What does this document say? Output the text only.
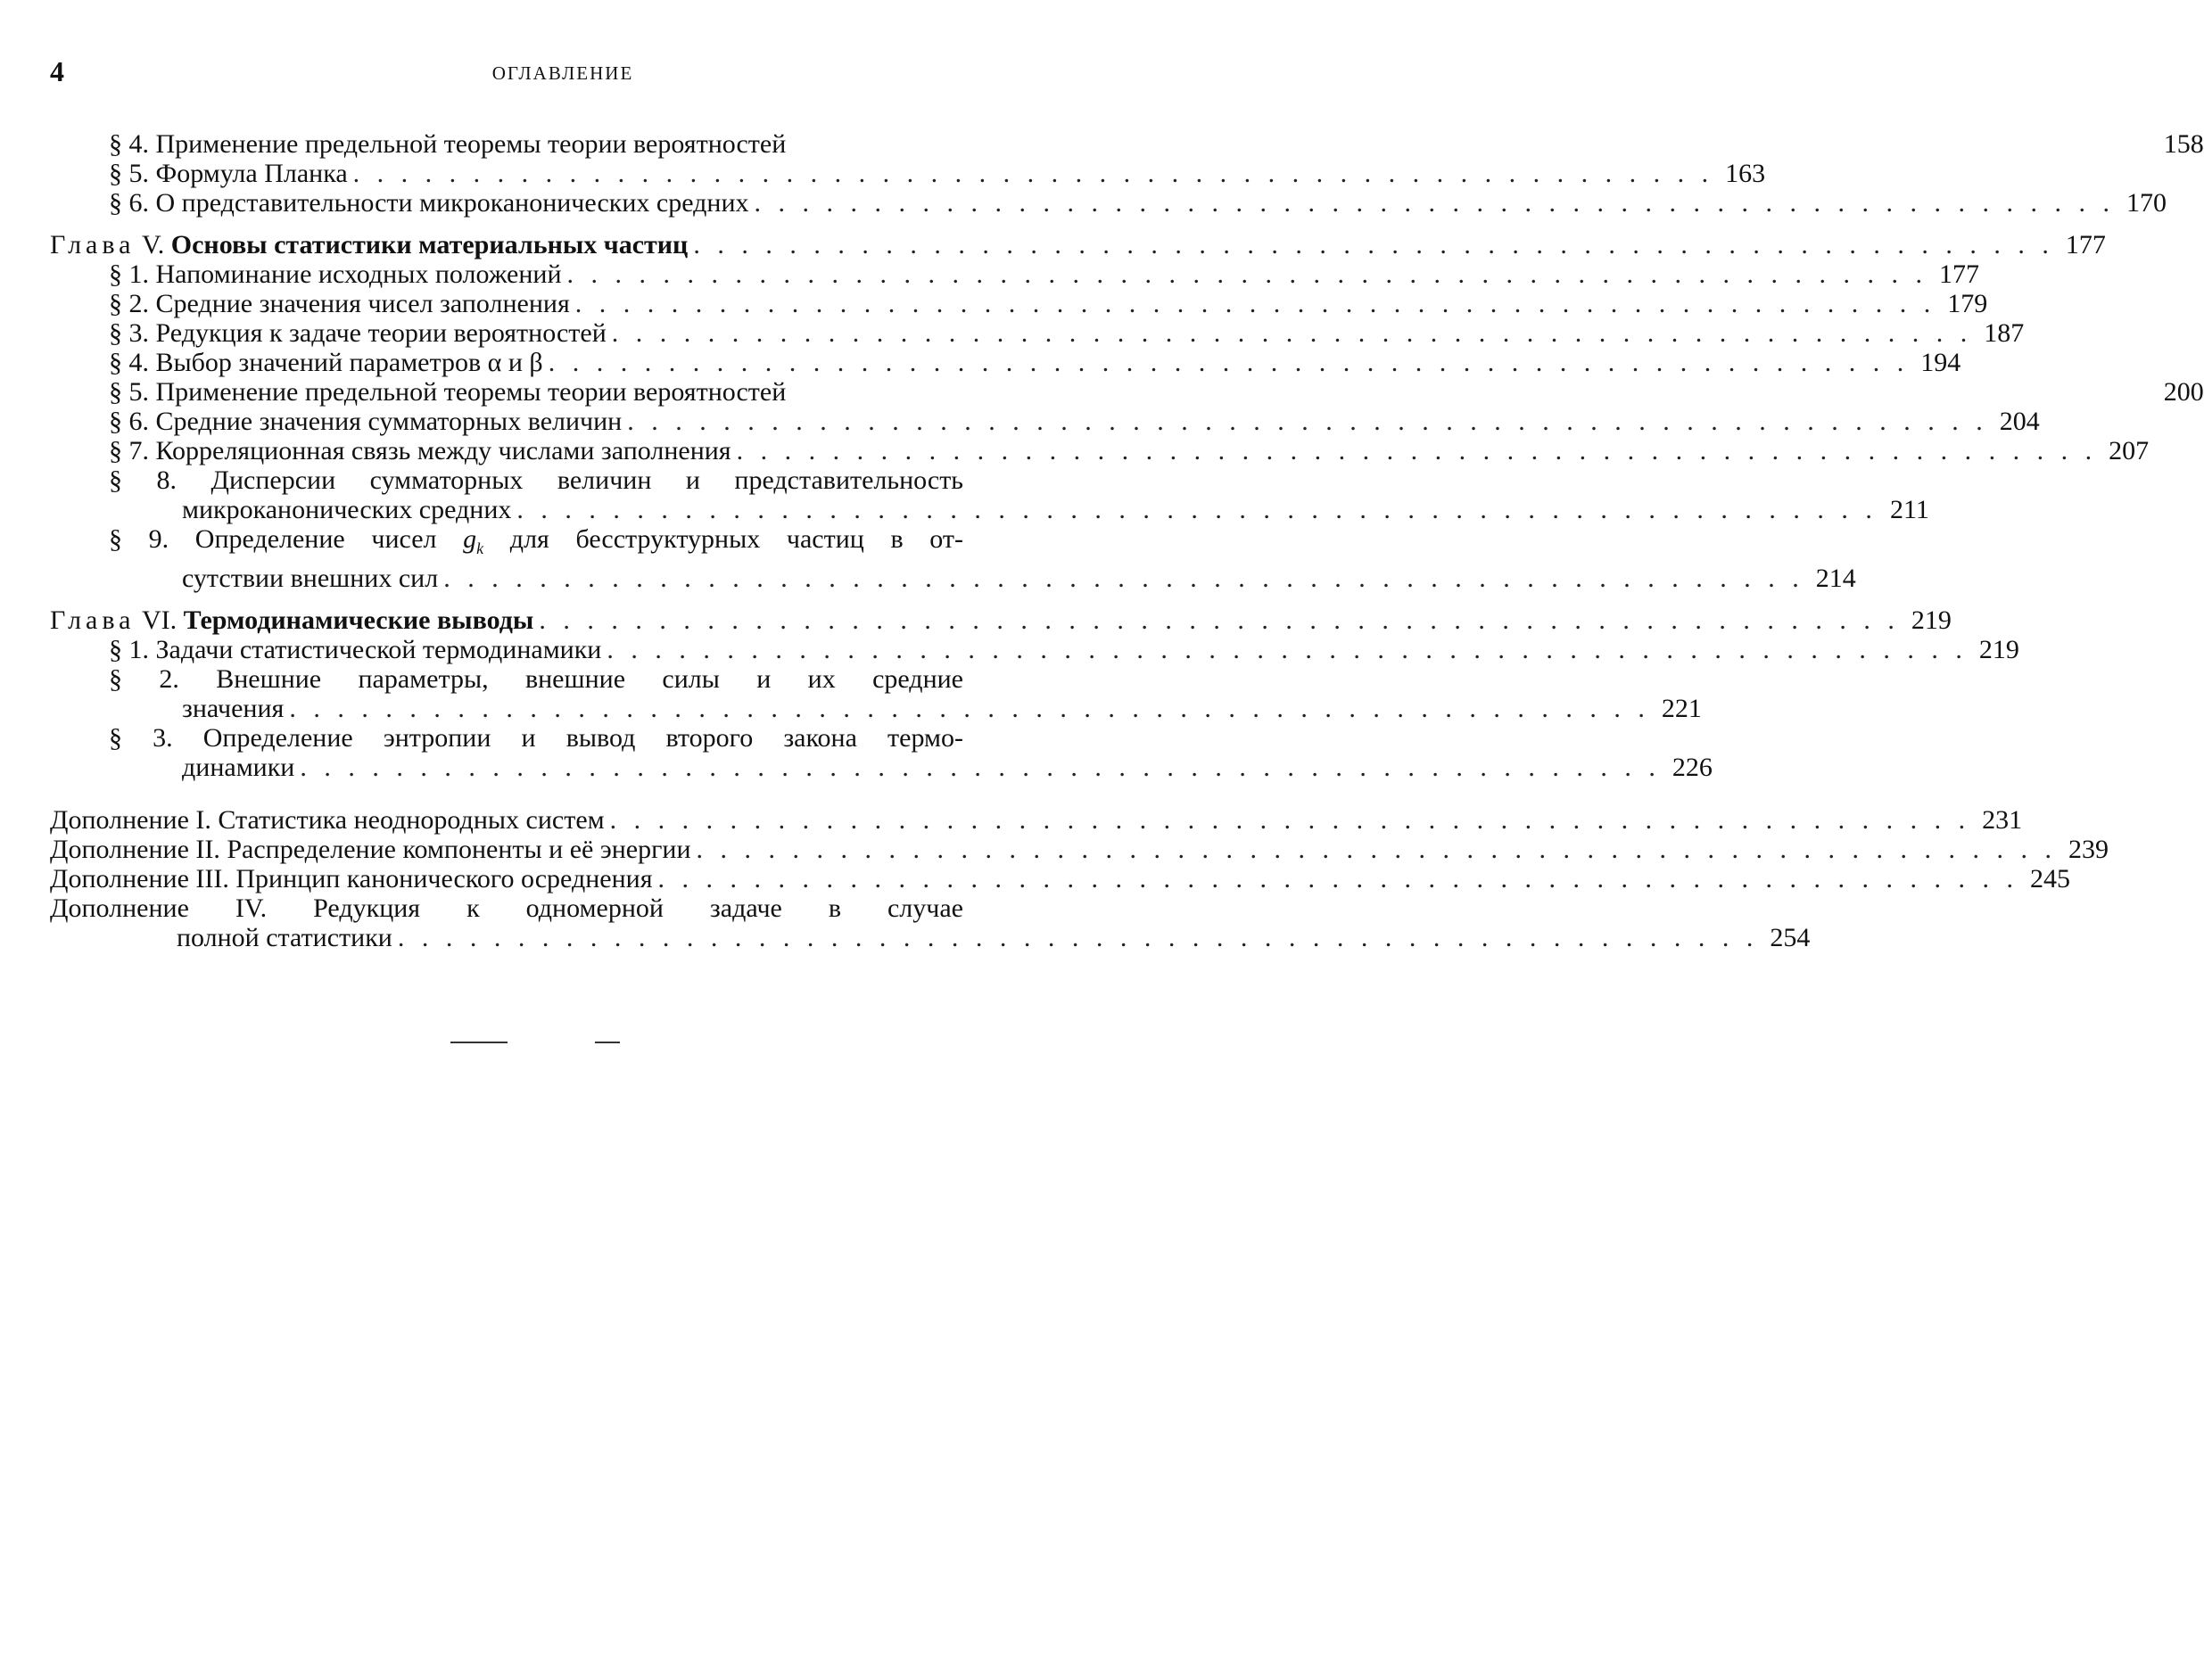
4	ОГЛАВЛЕНИЕ
§ 4. Применение предельной теоремы теории вероятностей	158
§ 5. Формула Планка . . .	163
§ 6. О представительности микроканонических средних . . .	170
Глава V. Основы статистики материальных частиц . . .	177
§ 1. Напоминание исходных положений . . .	177
§ 2. Средние значения чисел заполнения . . .	179
§ 3. Редукция к задаче теории вероятностей . . .	187
§ 4. Выбор значений параметров α и β . . .	194
§ 5. Применение предельной теоремы теории вероятностей	200
§ 6. Средние значения сумматорных величин . . .	204
§ 7. Корреляционная связь между числами заполнения . . .	207
§ 8. Дисперсии сумматорных величин и представительность
микроканонических средних . . .	211
§ 9. Определение чисел $g_k$ для бесструктурных частиц в от-
сутствии внешних сил . . .	214
Глава VI. Термодинамические выводы . . .	219
§ 1. Задачи статистической термодинамики . . .	219
§ 2. Внешние параметры, внешние силы и их средние
значения . . .	221
§ 3. Определение энтропии и вывод второго закона термо-
динамики . . .	226
Дополнение I. Статистика неоднородных систем . . .	231
Дополнение II. Распределение компоненты и её энергии . . .	239
Дополнение III. Принцип канонического осреднения . . .	245
Дополнение IV. Редукция к одномерной задаче в случае
полной статистики . . .	254
